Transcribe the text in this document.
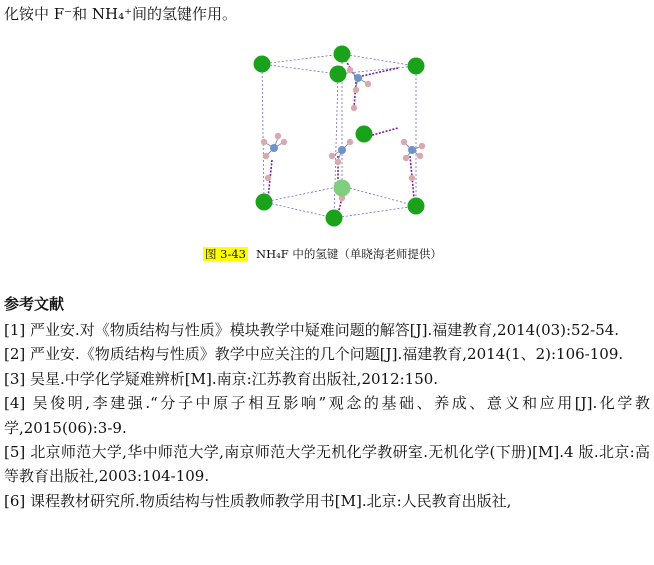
化铵中 F⁻和 NH₄⁺间的氢键作用。
图 3-43 NH₄F 中的氢键（单晓海老师提供）
参考文献

[1] 严业安.对《物质结构与性质》模块教学中疑难问题的解答[J].福建教育,2014(03):52-54.

[2] 严业安.《物质结构与性质》教学中应关注的几个问题[J].福建教育,2014(1、2):106-109.

[3] 吴星.中学化学疑难辨析[M].南京:江苏教育出版社,2012:150.

[4] 吴俊明,李建强.“分子中原子相互影响”观念的基础、养成、意义和应用[J].化学教学,2015(06):3-9.

[5] 北京师范大学,华中师范大学,南京师范大学无机化学教研室.无机化学(下册)[M].4 版.北京:高等教育出版社,2003:104-109.

[6] 课程教材研究所.物质结构与性质教师教学用书[M].北京:人民教育出版社,
